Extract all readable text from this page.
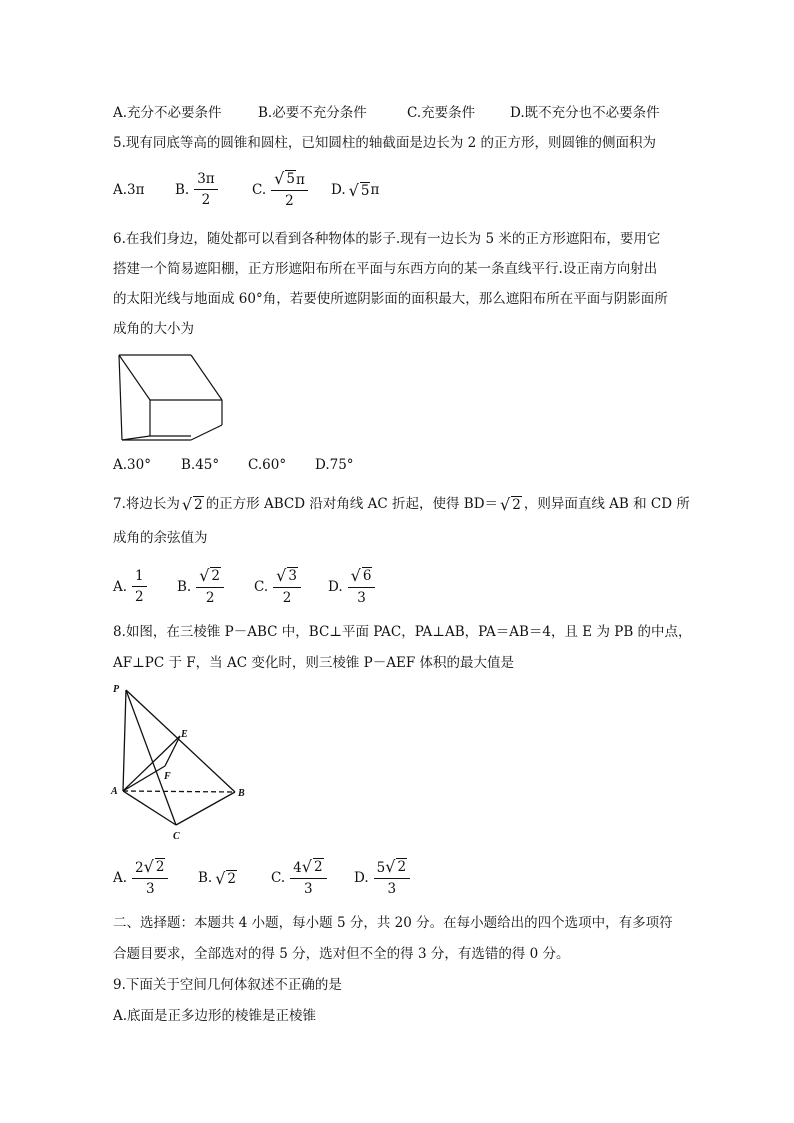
A.充分不必要条件	B.必要不充分条件	C.充要条件	D.既不充分也不必要条件
5.现有同底等高的圆锥和圆柱，已知圆柱的轴截面是边长为 2 的正方形，则圆锥的侧面积为
A.3π B. $\frac{3\pi}{2}$	C. $\frac{√ 5 \pi}{2} D$. √ 5 π
6.在我们身边，随处都可以看到各种物体的影子.现有一边长为 5 米的正方形遮阳布，要用它
搭建一个简易遮阳棚，正方形遮阳布所在平面与东西方向的某一条直线平行.设正南方向射出
的太阳光线与地面成 60°角，若要使所遮阴影面的面积最大，那么遮阳布所在平面与阴影面所
成角的大小为
A.30° B.45° C.60° D.75°
7.将边长为 √ 2 的正方形 ABCD 沿对角线 AC 折起，使得 BD＝ √ 2 ，则异面直线 AB 和 CD 所
成角的余弦值为
A. $\frac{1}{2} B$. $\frac{√ 2}{2} C$. $\frac{√ 3}{2} D$. $\frac{√ 6}{3}$
8.如图，在三棱锥 P－ABC 中，BC⊥平面 PAC，PA⊥AB，PA＝AB＝4，且 E 为 PB 的中点，
AF⊥PC 于 F，当 AC 变化时，则三棱锥 P－AEF 体积的最大值是
P
E
F
A	B
C
A. $\frac{2 √ 2}{3} B$. √ 2	C. $\frac{4 √ 2}{3} D$. $\frac{5 √ 2}{3}$
二、选择题：本题共 4 小题，每小题 5 分，共 20 分。在每小题给出的四个选项中，有多项符
合题目要求，全部选对的得 5 分，选对但不全的得 3 分，有选错的得 0 分。
9.下面关于空间几何体叙述不正确的是
A.底面是正多边形的棱锥是正棱锥
